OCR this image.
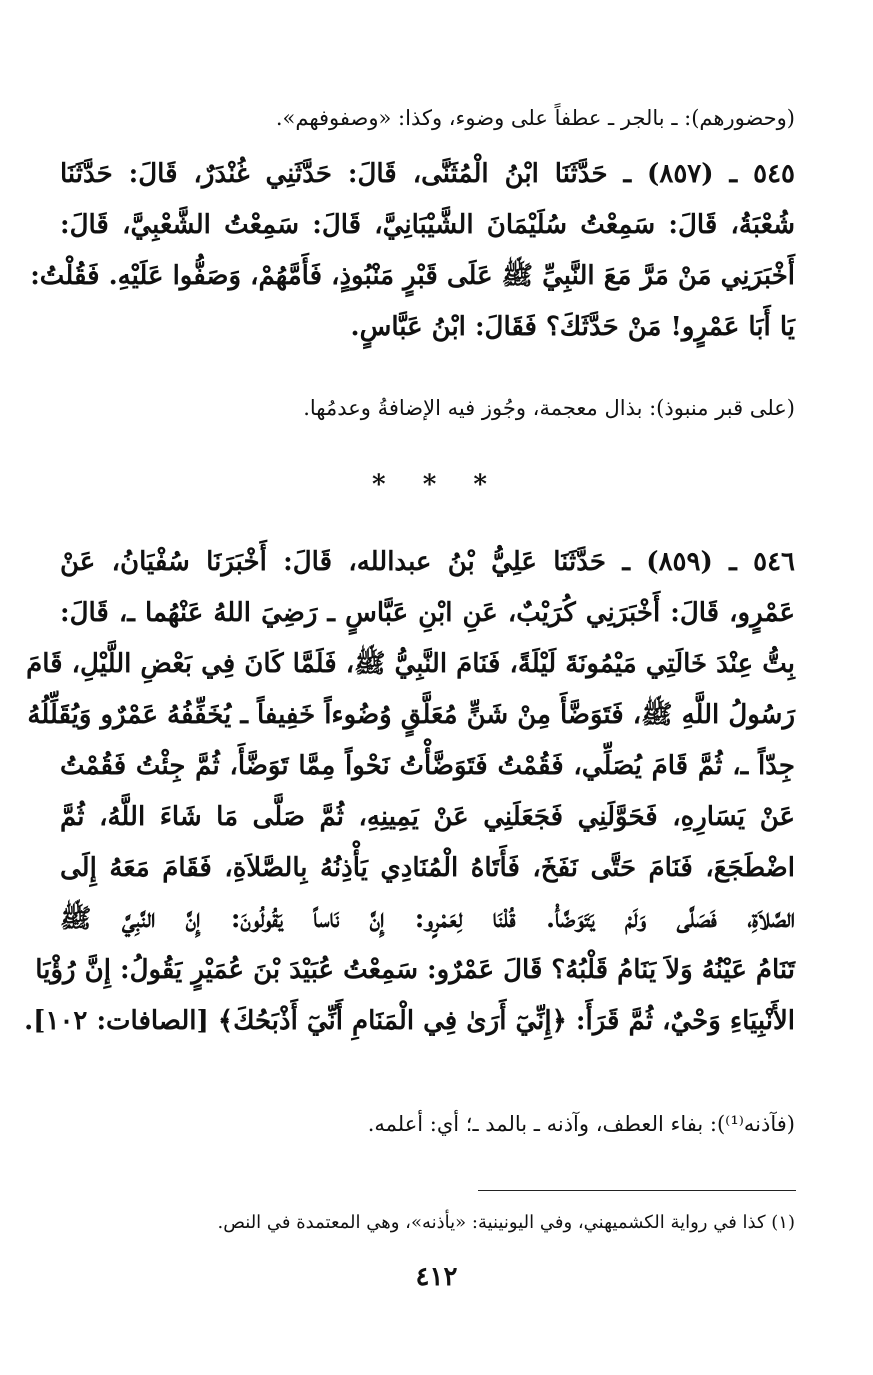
(وحضورهم): ـ بالجر ـ عطفاً على وضوء، وكذا: «وصفوفهم».
٥٤٥ ـ (٨٥٧) ـ حَدَّثَنَا ابْنُ الْمُثَنَّى، قَالَ: حَدَّثَنِي غُنْدَرٌ، قَالَ: حَدَّثَنَا
شُعْبَةُ، قَالَ: سَمِعْتُ سُلَيْمَانَ الشَّيْبَانِيَّ، قَالَ: سَمِعْتُ الشَّعْبِيَّ، قَالَ:
أَخْبَرَنِي مَنْ مَرَّ مَعَ النَّبِيِّ ﷺ عَلَى قَبْرٍ مَنْبُوذٍ، فَأَمَّهُمْ، وَصَفُّوا عَلَيْهِ. فَقُلْتُ:
يَا أَبَا عَمْرٍو! مَنْ حَدَّثَكَ؟ فَقَالَ: ابْنُ عَبَّاسٍ.
(على قبر منبوذ): بذال معجمة، وجُوز فيه الإضافةُ وعدمُها.
* * *
٥٤٦ ـ (٨٥٩) ـ حَدَّثَنَا عَلِيُّ بْنُ عبدالله، قَالَ: أَخْبَرَنَا سُفْيَانُ، عَنْ
عَمْرٍو، قَالَ: أَخْبَرَنِي كُرَيْبٌ، عَنِ ابْنِ عَبَّاسٍ ـ رَضِيَ اللهُ عَنْهُما ـ، قَالَ:
بِتُّ عِنْدَ خَالَتِي مَيْمُونَةَ لَيْلَةً، فَنَامَ النَّبِيُّ ﷺ، فَلَمَّا كَانَ فِي بَعْضِ اللَّيْلِ، قَامَ
رَسُولُ اللَّهِ ﷺ، فَتَوَضَّأَ مِنْ شَنٍّ مُعَلَّقٍ وُضُوءاً خَفِيفاً ـ يُخَفِّفُهُ عَمْرٌو وَيُقَلِّلُهُ
جِدّاً ـ، ثُمَّ قَامَ يُصَلِّي، فَقُمْتُ فَتَوَضَّأْتُ نَحْواً مِمَّا تَوَضَّأَ، ثُمَّ جِئْتُ فَقُمْتُ
عَنْ يَسَارِهِ، فَحَوَّلَنِي فَجَعَلَنِي عَنْ يَمِينِهِ، ثُمَّ صَلَّى مَا شَاءَ اللَّهُ، ثُمَّ
اضْطَجَعَ، فَنَامَ حَتَّى نَفَخَ، فَأَتَاهُ الْمُنَادِي يَأْذِنُهُ بِالصَّلاَةِ، فَقَامَ مَعَهُ إِلَى
الصَّلاَةِ، فَصَلَّى وَلَمْ يَتَوَضَّأْ. قُلْنَا لِعَمْرٍو: إِنَّ نَاساً يَقُولُونَ: إِنَّ النَّبِيَّ ﷺ
تَنَامُ عَيْنُهُ وَلاَ يَنَامُ قَلْبُهُ؟ قَالَ عَمْرٌو: سَمِعْتُ عُبَيْدَ بْنَ عُمَيْرٍ يَقُولُ: إِنَّ رُؤْيَا
الأَنْبِيَاءِ وَحْيٌ، ثُمَّ قَرَأَ: ﴿إِنِّيٓ أَرَىٰ فِي الْمَنَامِ أَنِّيٓ أَذْبَحُكَ﴾ [الصافات: ١٠٢].
(فآذنه⁽¹⁾): بفاء العطف، وآذنه ـ بالمد ـ؛ أي: أعلمه.
(١) كذا في رواية الكشميهني، وفي اليونينية: «يأذنه»، وهي المعتمدة في النص.
٤١٢
